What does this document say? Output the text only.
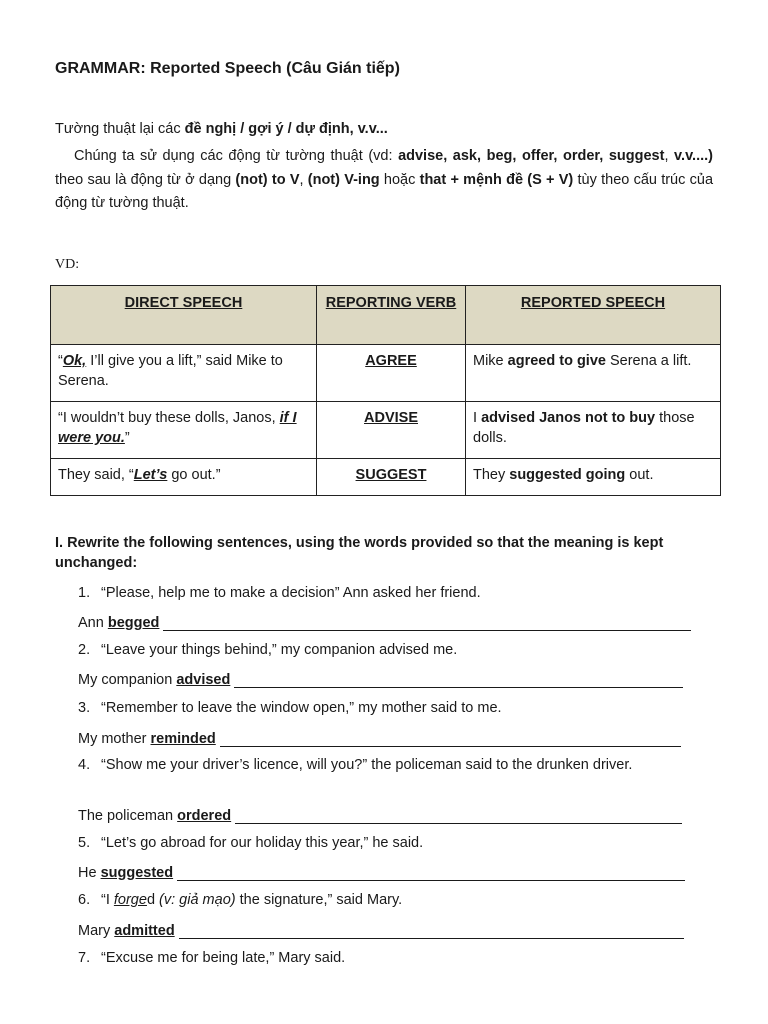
GRAMMAR: Reported Speech (Câu Gián tiếp)
Tường thuật lại các đề nghị / gợi ý / dự định, v.v...
Chúng ta sử dụng các động từ tường thuật (vd: advise, ask, beg, offer, order, suggest, v.v....) theo sau là động từ ở dạng (not) to V, (not) V-ing hoặc that + mệnh đề (S + V) tùy theo cấu trúc của động từ tường thuật.
VD:
DIRECT SPEECH	REPORTING VERB	REPORTED SPEECH
“Ok, I’ll give you a lift,” said Mike to Serena.	AGREE	Mike agreed to give Serena a lift.
“I wouldn’t buy these dolls, Janos, if I were you.”	ADVISE	I advised Janos not to buy those dolls.
They said, “Let’s go out.”	SUGGEST	They suggested going out.
I. Rewrite the following sentences, using the words provided so that the meaning is kept unchanged:
1. “Please, help me to make a decision” Ann asked her friend.
Ann begged
2. “Leave your things behind,” my companion advised me.
My companion advised
3. “Remember to leave the window open,” my mother said to me.
My mother reminded
4.“Show me your driver’s licence, will you?” the policeman said to the drunken driver.
The policeman ordered
5. “Let’s go abroad for our holiday this year,” he said.
He suggested
6. “I forged (v: giả mạo) the signature,” said Mary.
Mary admitted
7. “Excuse me for being late,” Mary said.
